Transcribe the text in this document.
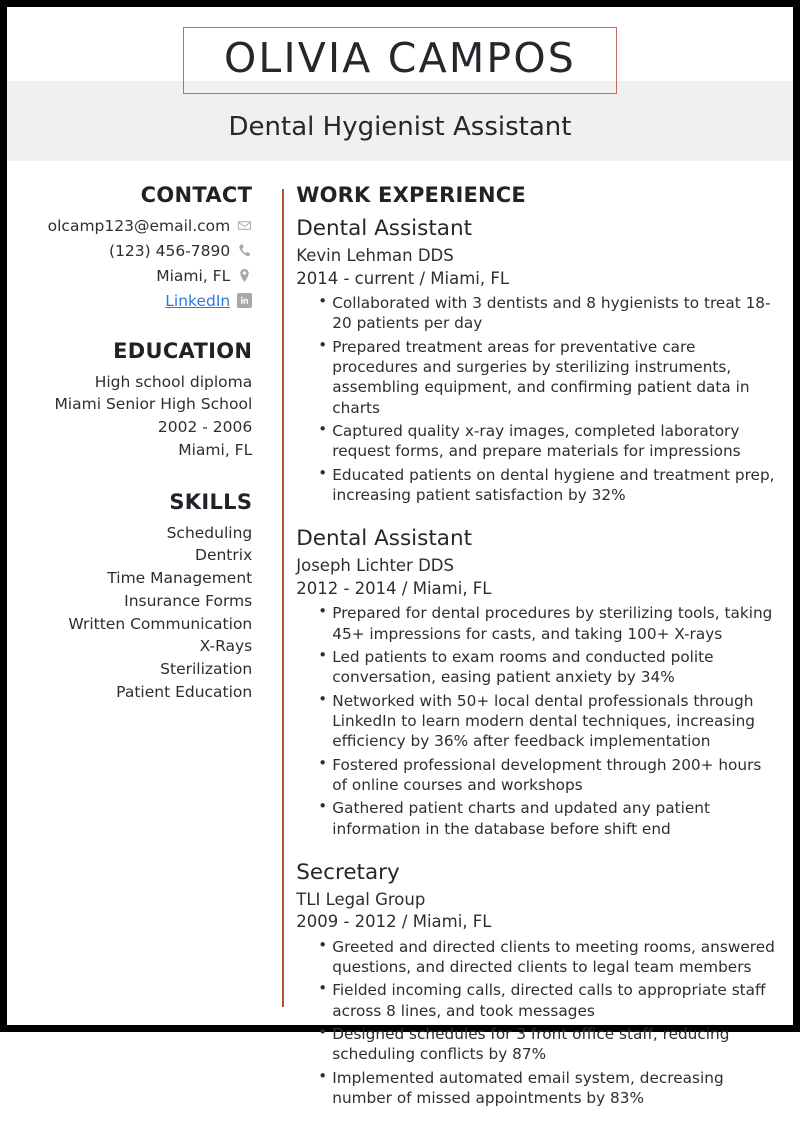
OLIVIA CAMPOS
Dental Hygienist Assistant
CONTACT
olcamp123@email.com
(123) 456-7890
Miami, FL
LinkedIn
EDUCATION
High school diploma
Miami Senior High School
2002 - 2006
Miami, FL
SKILLS
Scheduling
Dentrix
Time Management
Insurance Forms
Written Communication
X-Rays
Sterilization
Patient Education
WORK EXPERIENCE
Dental Assistant
Kevin Lehman DDS
2014 - current / Miami, FL
• Collaborated with 3 dentists and 8 hygienists to treat 18-20 patients per day
• Prepared treatment areas for preventative care procedures and surgeries by sterilizing instruments, assembling equipment, and confirming patient data in charts
• Captured quality x-ray images, completed laboratory request forms, and prepare materials for impressions
• Educated patients on dental hygiene and treatment prep, increasing patient satisfaction by 32%
Dental Assistant
Joseph Lichter DDS
2012 - 2014 / Miami, FL
• Prepared for dental procedures by sterilizing tools, taking 45+ impressions for casts, and taking 100+ X-rays
• Led patients to exam rooms and conducted polite conversation, easing patient anxiety by 34%
• Networked with 50+ local dental professionals through LinkedIn to learn modern dental techniques, increasing efficiency by 36% after feedback implementation
• Fostered professional development through 200+ hours of online courses and workshops
• Gathered patient charts and updated any patient information in the database before shift end
Secretary
TLI Legal Group
2009 - 2012 / Miami, FL
• Greeted and directed clients to meeting rooms, answered questions, and directed clients to legal team members
• Fielded incoming calls, directed calls to appropriate staff across 8 lines, and took messages
• Designed schedules for 3 front office staff, reducing scheduling conflicts by 87%
• Implemented automated email system, decreasing number of missed appointments by 83%
